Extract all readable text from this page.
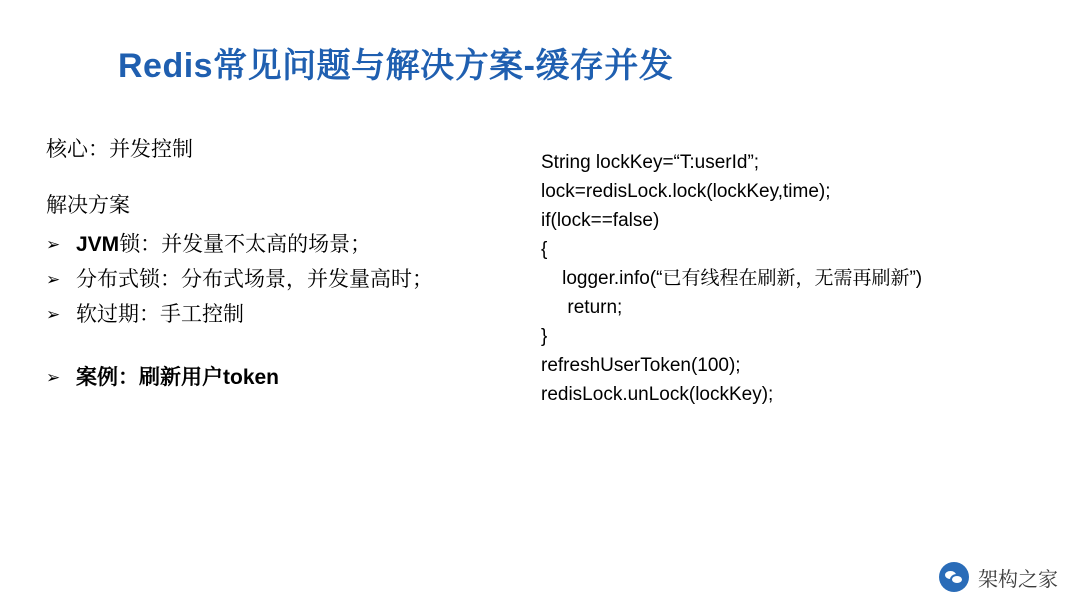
Redis常见问题与解决方案-缓存并发
核心：并发控制
解决方案
➢ JVM锁：并发量不太高的场景；
➢ 分布式锁：分布式场景，并发量高时；
➢ 软过期：手工控制
➢ 案例：刷新用户token
String lockKey=“T:userId”;
lock=redisLock.lock(lockKey,time);
if(lock==false)
{
logger.info(“已有线程在刷新，无需再刷新”)
return;
}
refreshUserToken(100);
redisLock.unLock(lockKey);
架构之家
